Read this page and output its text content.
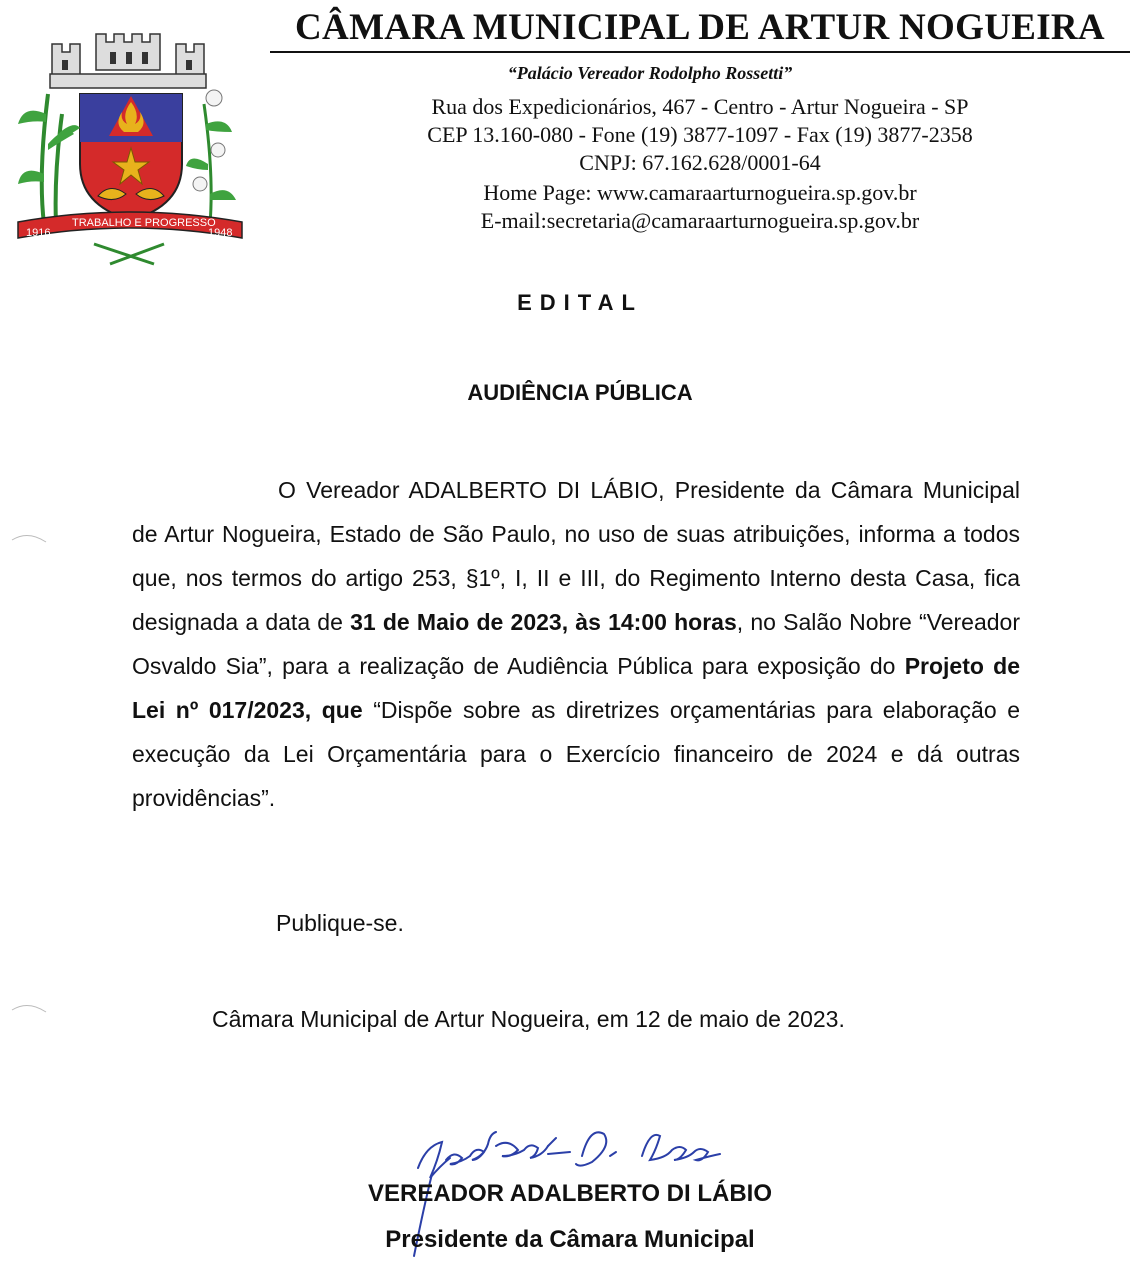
1916
TRABALHO E PROGRESSO
1948
CÂMARA MUNICIPAL DE ARTUR NOGUEIRA
“Palácio Vereador Rodolpho Rossetti”
Rua dos Expedicionários, 467 - Centro - Artur Nogueira - SP
CEP 13.160-080 - Fone (19) 3877-1097 - Fax (19) 3877-2358
CNPJ: 67.162.628/0001-64
Home Page: www.camaraarturnogueira.sp.gov.br
E-mail:secretaria@camaraarturnogueira.sp.gov.br
EDITAL
AUDIÊNCIA PÚBLICA
O Vereador ADALBERTO DI LÁBIO, Presidente da Câmara Municipal de Artur Nogueira, Estado de São Paulo, no uso de suas atribuições, informa a todos que, nos termos do artigo 253, §1º, I, II e III, do Regimento Interno desta Casa, fica designada a data de 31 de Maio de 2023, às 14:00 horas, no Salão Nobre “Vereador Osvaldo Sia”, para a realização de Audiência Pública para exposição do Projeto de Lei nº 017/2023, que “Dispõe sobre as diretrizes orçamentárias para elaboração e execução da Lei Orçamentária para o Exercício financeiro de 2024 e dá outras providências”.
Publique-se.
Câmara Municipal de Artur Nogueira, em 12 de maio de 2023.
VEREADOR ADALBERTO DI LÁBIO
Presidente da Câmara Municipal
